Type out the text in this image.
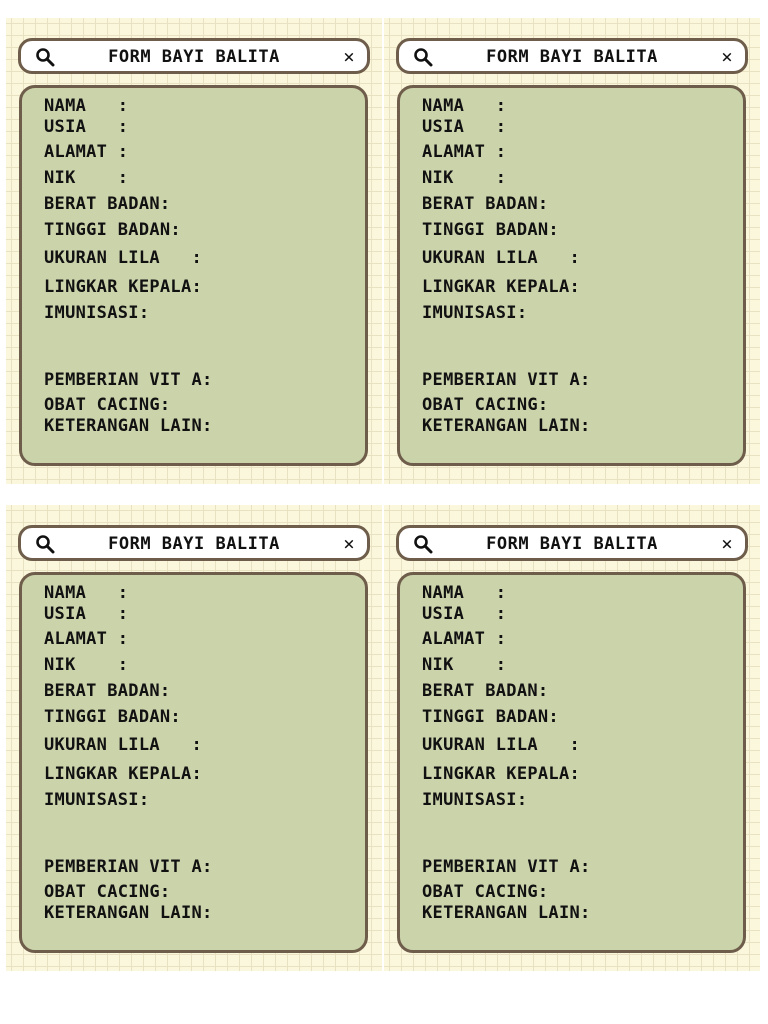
FORM BAYI BALITA	×
NAMA   :
USIA   :
ALAMAT :
NIK    :
BERAT BADAN:
TINGGI BADAN:
UKURAN LILA   :
LINGKAR KEPALA:
IMUNISASI:
PEMBERIAN VIT A:
OBAT CACING:
KETERANGAN LAIN:
FORM BAYI BALITA	×
NAMA   :
USIA   :
ALAMAT :
NIK    :
BERAT BADAN:
TINGGI BADAN:
UKURAN LILA   :
LINGKAR KEPALA:
IMUNISASI:
PEMBERIAN VIT A:
OBAT CACING:
KETERANGAN LAIN:
FORM BAYI BALITA	×
NAMA   :
USIA   :
ALAMAT :
NIK    :
BERAT BADAN:
TINGGI BADAN:
UKURAN LILA   :
LINGKAR KEPALA:
IMUNISASI:
PEMBERIAN VIT A:
OBAT CACING:
KETERANGAN LAIN:
FORM BAYI BALITA	×
NAMA   :
USIA   :
ALAMAT :
NIK    :
BERAT BADAN:
TINGGI BADAN:
UKURAN LILA   :
LINGKAR KEPALA:
IMUNISASI:
PEMBERIAN VIT A:
OBAT CACING:
KETERANGAN LAIN:
